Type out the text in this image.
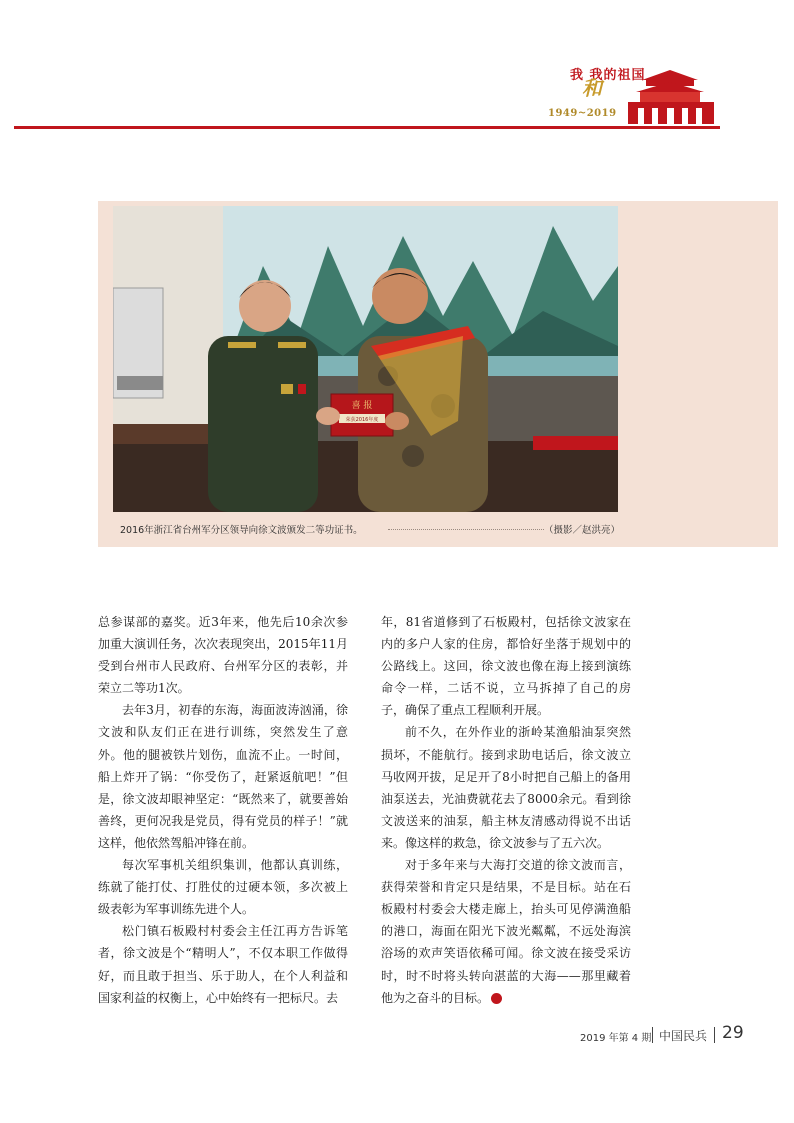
我 我的祖国
和
1949~2019
喜 报
荣获2016年度
2016年浙江省台州军分区领导向徐文波颁发二等功证书。	（摄影／赵洪亮）

总参谋部的嘉奖。近3年来，他先后10余次参加重大演训任务，次次表现突出，2015年11月受到台州市人民政府、台州军分区的表彰，并荣立二等功1次。

去年3月，初春的东海，海面波涛汹涌，徐文波和队友们正在进行训练，突然发生了意外。他的腿被铁片划伤，血流不止。一时间，船上炸开了锅：“你受伤了，赶紧返航吧！”但是，徐文波却眼神坚定：“既然来了，就要善始善终，更何况我是党员，得有党员的样子！”就这样，他依然驾船冲锋在前。

每次军事机关组织集训，他都认真训练，练就了能打仗、打胜仗的过硬本领，多次被上级表彰为军事训练先进个人。

松门镇石板殿村村委会主任江再方告诉笔者，徐文波是个“精明人”，不仅本职工作做得好，而且敢于担当、乐于助人，在个人利益和国家利益的权衡上，心中始终有一把标尺。去

年，81省道修到了石板殿村，包括徐文波家在内的多户人家的住房，都恰好坐落于规划中的公路线上。这回，徐文波也像在海上接到演练命令一样，二话不说，立马拆掉了自己的房子，确保了重点工程顺利开展。

前不久，在外作业的浙岭某渔船油泵突然损坏，不能航行。接到求助电话后，徐文波立马收网开拔，足足开了8小时把自己船上的备用油泵送去，光油费就花去了8000余元。看到徐文波送来的油泵，船主林友清感动得说不出话来。像这样的救急，徐文波参与了五六次。

对于多年来与大海打交道的徐文波而言，获得荣誉和肯定只是结果，不是目标。站在石板殿村村委会大楼走廊上，抬头可见停满渔船的港口，海面在阳光下波光粼粼，不远处海滨浴场的欢声笑语依稀可闻。徐文波在接受采访时，时不时将头转向湛蓝的大海——那里藏着他为之奋斗的目标。	◎

2019 年第 4 期 中国民兵 29
